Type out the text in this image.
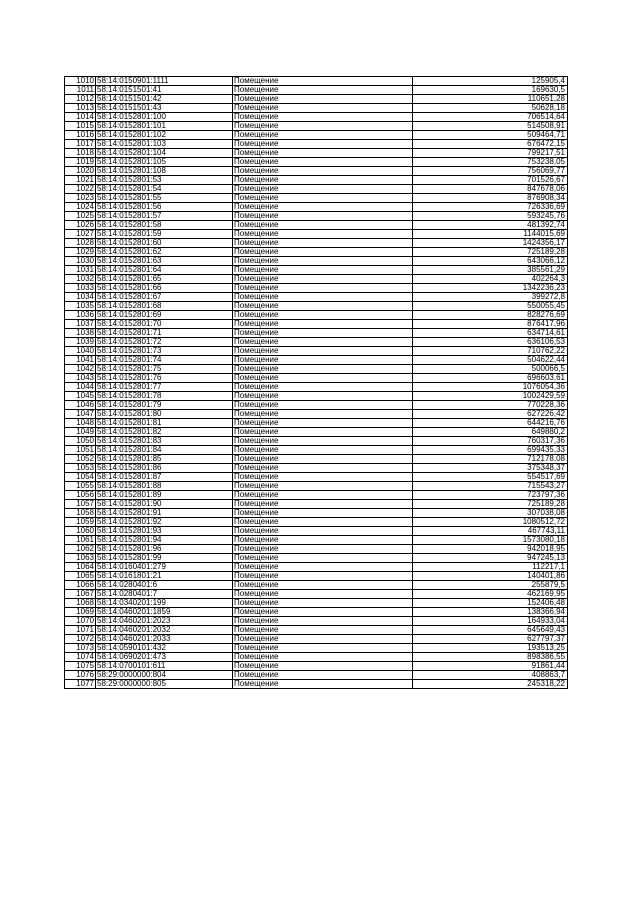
1010	58:14:0150901:1111	Помещение	125905,4
1011	58:14:0151501:41	Помещение	169630,5
1012	58:14:0151501:42	Помещение	110651,28
1013	58:14:0151501:43	Помещение	50628,18
1014	58:14:0152801:100	Помещение	706514,64
1015	58:14:0152801:101	Помещение	514508,91
1016	58:14:0152801:102	Помещение	509464,71
1017	58:14:0152801:103	Помещение	676472,15
1018	58:14:0152801:104	Помещение	799217,51
1019	58:14:0152801:105	Помещение	753238,05
1020	58:14:0152801:108	Помещение	756069,77
1021	58:14:0152801:53	Помещение	701526,67
1022	58:14:0152801:54	Помещение	847678,06
1023	58:14:0152801:55	Помещение	876908,34
1024	58:14:0152801:56	Помещение	726336,69
1025	58:14:0152801:57	Помещение	593245,76
1026	58:14:0152801:58	Помещение	481392,74
1027	58:14:0152801:59	Помещение	1144015,69
1028	58:14:0152801:60	Помещение	1424356,17
1029	58:14:0152801:62	Помещение	725189,28
1030	58:14:0152801:63	Помещение	643066,12
1031	58:14:0152801:64	Помещение	385561,29
1032	58:14:0152801:65	Помещение	402264,3
1033	58:14:0152801:66	Помещение	1342236,23
1034	58:14:0152801:67	Помещение	399272,8
1035	58:14:0152801:68	Помещение	550055,45
1036	58:14:0152801:69	Помещение	828276,69
1037	58:14:0152801:70	Помещение	876417,96
1038	58:14:0152801:71	Помещение	634714,61
1039	58:14:0152801:72	Помещение	636106,53
1040	58:14:0152801:73	Помещение	710762,22
1041	58:14:0152801:74	Помещение	504622,44
1042	58:14:0152801:75	Помещение	500066,5
1043	58:14:0152801:76	Помещение	696603,61
1044	58:14:0152801:77	Помещение	1076054,36
1045	58:14:0152801:78	Помещение	1002429,59
1046	58:14:0152801:79	Помещение	770228,36
1047	58:14:0152801:80	Помещение	627226,42
1048	58:14:0152801:81	Помещение	644216,76
1049	58:14:0152801:82	Помещение	649880,2
1050	58:14:0152801:83	Помещение	760317,36
1051	58:14:0152801:84	Помещение	699435,33
1052	58:14:0152801:85	Помещение	712178,08
1053	58:14:0152801:86	Помещение	375348,37
1054	58:14:0152801:87	Помещение	554517,69
1055	58:14:0152801:88	Помещение	715543,27
1056	58:14:0152801:89	Помещение	723797,36
1057	58:14:0152801:90	Помещение	725189,28
1058	58:14:0152801:91	Помещение	307038,08
1059	58:14:0152801:92	Помещение	1080512,72
1060	58:14:0152801:93	Помещение	467743,11
1061	58:14:0152801:94	Помещение	1573080,18
1062	58:14:0152801:96	Помещение	942018,95
1063	58:14:0152801:99	Помещение	947245,13
1064	58:14:0160401:279	Помещение	112217,1
1065	58:14:0161801:21	Помещение	140401,86
1066	58:14:0280401:6	Помещение	255879,5
1067	58:14:0280401:7	Помещение	462169,95
1068	58:14:0340201:199	Помещение	152406,48
1069	58:14:0460201:1859	Помещение	138366,94
1070	58:14:0460201:2023	Помещение	164933,04
1071	58:14:0460201:2032	Помещение	645649,43
1072	58:14:0460201:2033	Помещение	627797,37
1073	58:14:0590101:432	Помещение	193513,25
1074	58:14:0690201:473	Помещение	898386,55
1075	58:14:0700101:611	Помещение	91861,44
1076	58:29:0000000:804	Помещение	408863,7
1077	58:29:0000000:805	Помещение	245318,22
